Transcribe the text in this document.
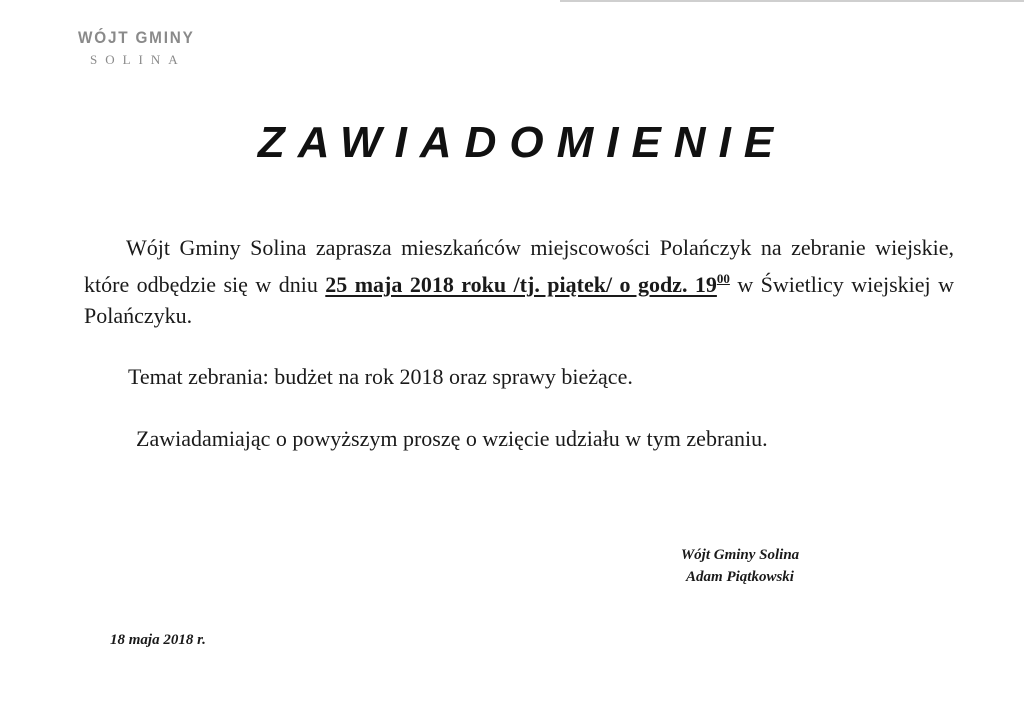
WÓJT GMINY
SOLINA
ZAWIADOMIENIE

Wójt Gminy Solina zaprasza mieszkańców miejscowości Polańczyk na zebranie wiejskie, które odbędzie się w dniu 25 maja 2018 roku /tj. piątek/ o godz. $19^{00}$ w Świetlicy wiejskiej w Polańczyku.

Temat zebrania: budżet na rok 2018 oraz sprawy bieżące.
Zawiadamiając o powyższym proszę o wzięcie udziału w tym zebraniu.
Wójt Gminy Solina
Adam Piątkowski
18 maja 2018 r.
